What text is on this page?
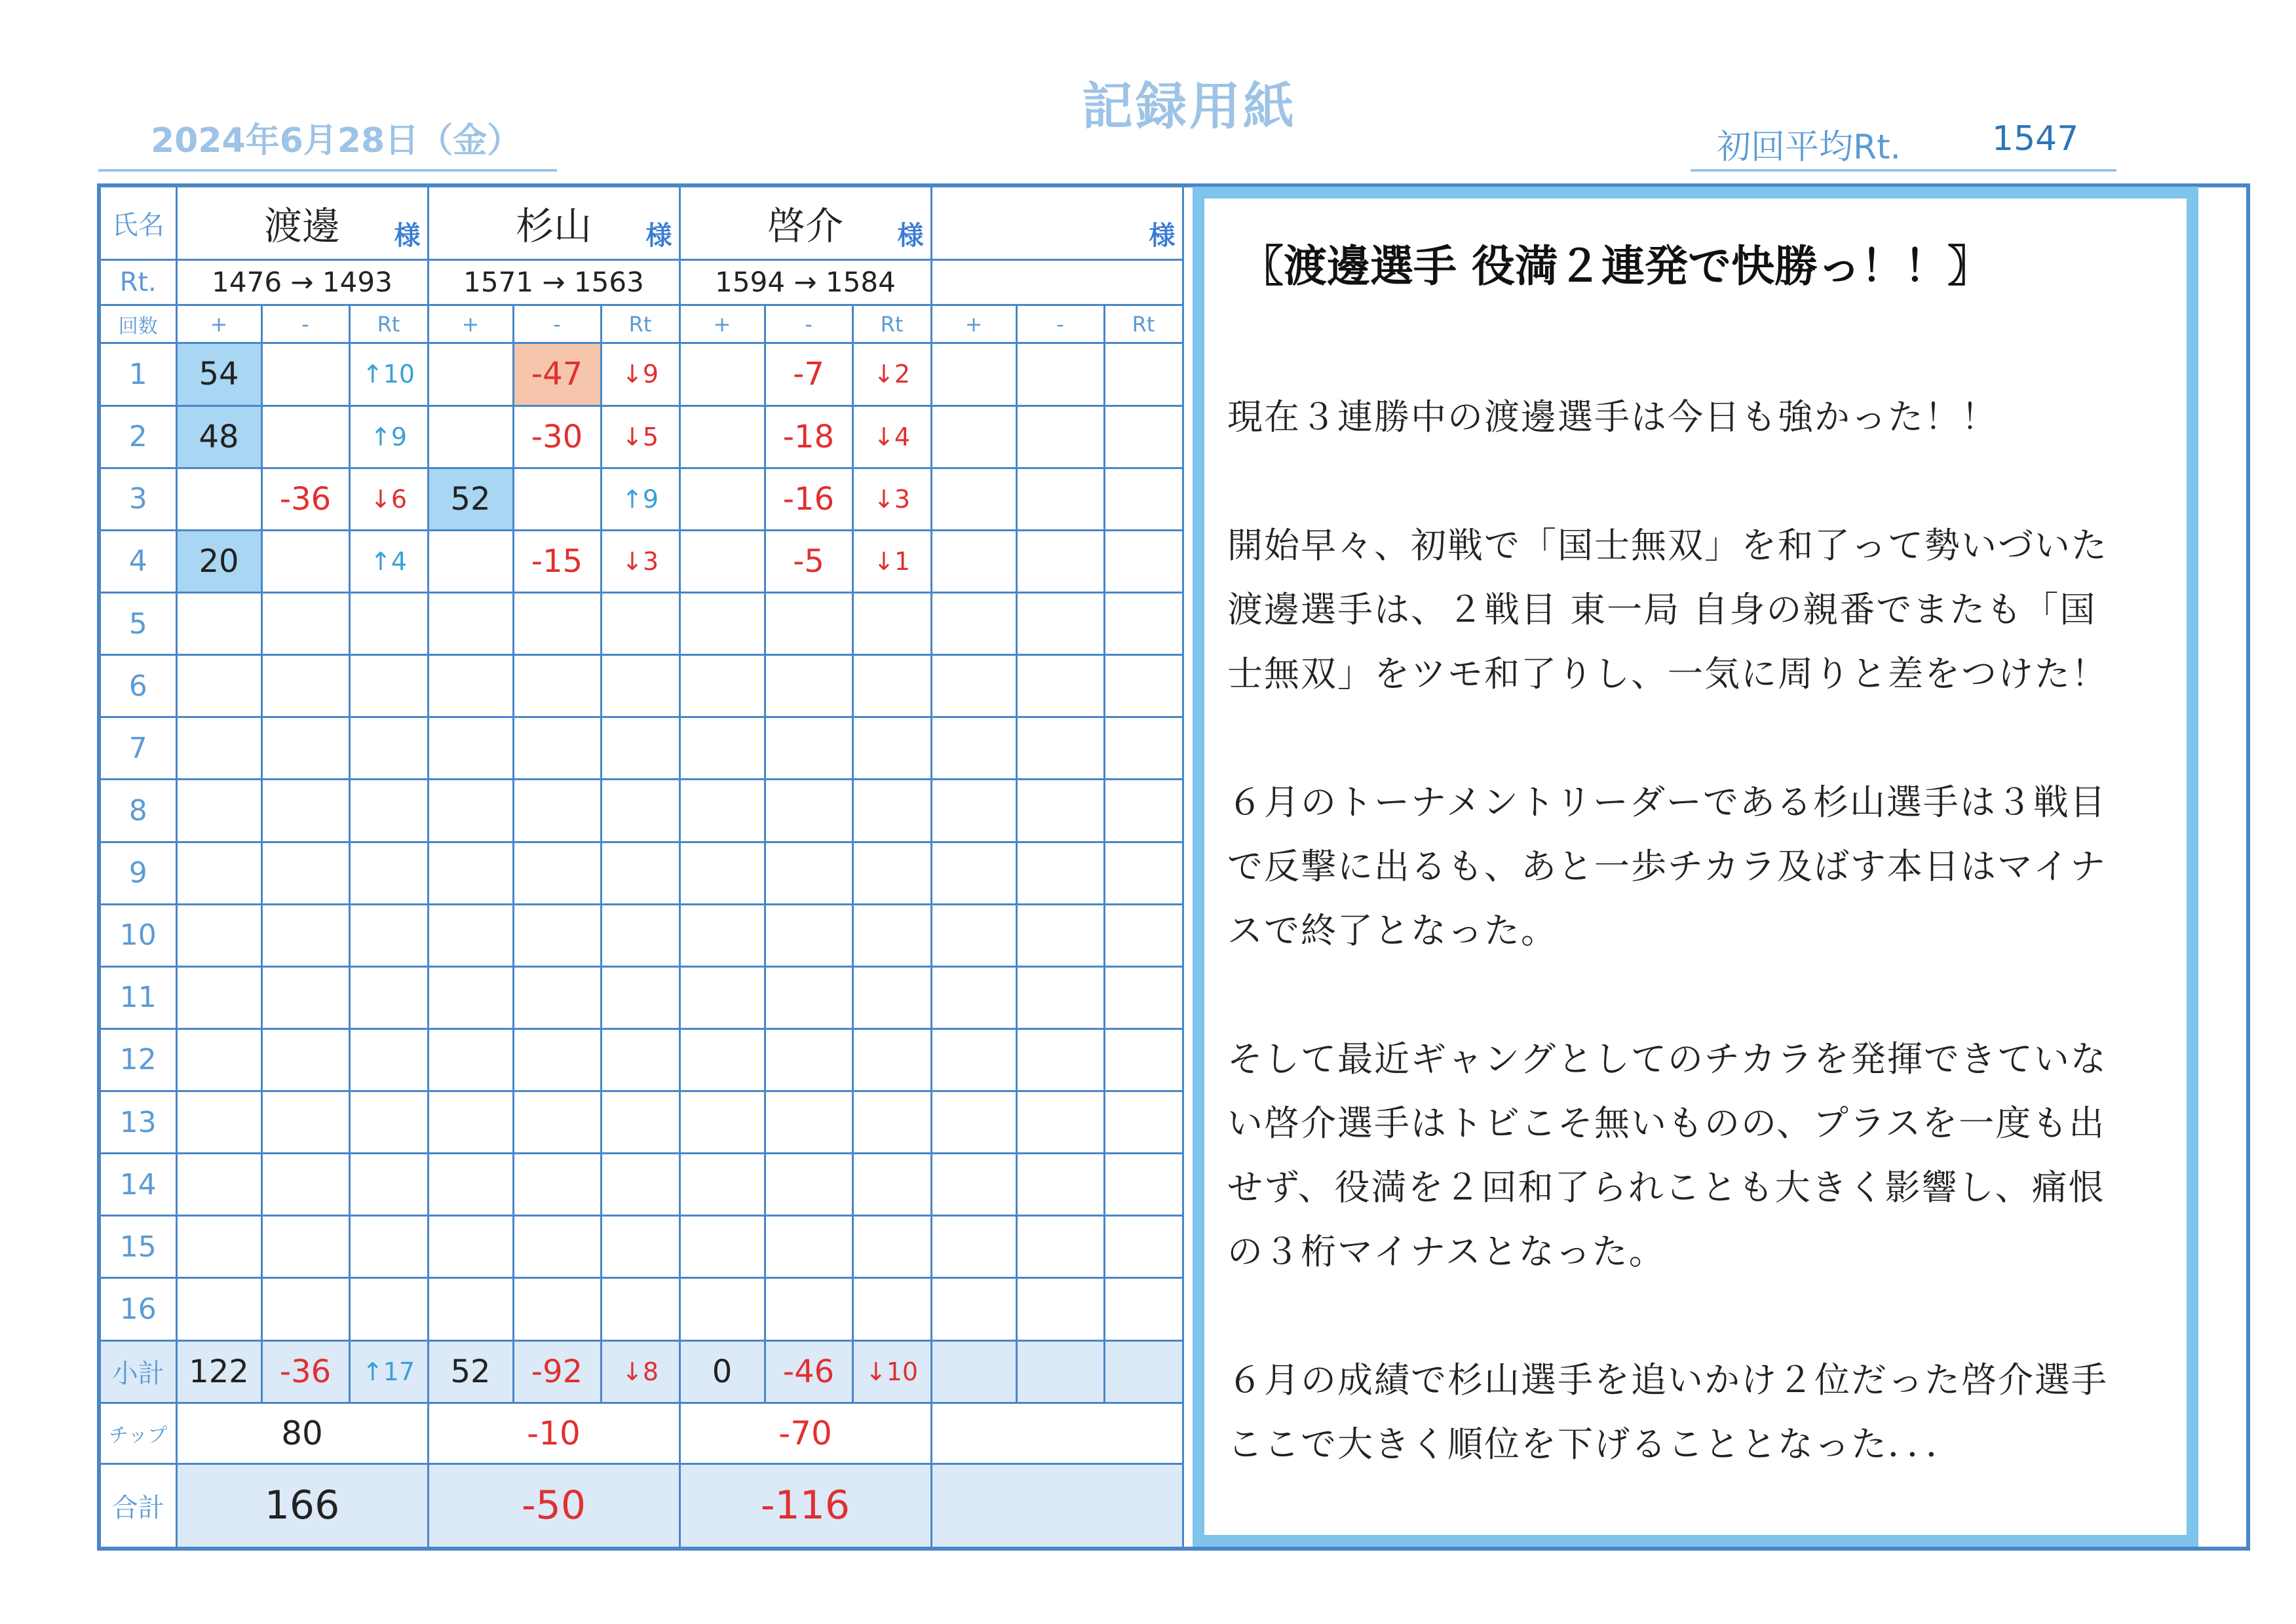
記録用紙
2024年6月28日（金）	初回平均Rt.	1547
氏名	渡邊 様			杉山 様			啓介 様			様			

Rt.	1476 → 1493			1571 → 1563			1594 → 1584						
回数	+	-	Rt	+	-	Rt	+	-	Rt	+	-	Rt	
1	54		↑10		-47	↓9		-7	↓2				
2	48		↑9		-30	↓5		-18	↓4				
3		-36	↓6	52		↑9		-16	↓3				
4	20		↑4		-15	↓3		-5	↓1				
5													
6													
7													
8													
9													
10													
11													
12													
13													
14													
15													
16													
小計	122	-36	↑17	52	-92	↓8	0	-46	↓10				
チップ	80			-10			-70						
合計	166			-50			-116						
〖渡邊選手 役満２連発で快勝っ！！〗

現在３連勝中の渡邊選手は今日も強かった！！

開始早々、初戦で「国士無双」を和了って勢いづいた
渡邊選手は、２戦目 東一局 自身の親番でまたも「国
士無双」をツモ和了りし、一気に周りと差をつけた！

６月のトーナメントリーダーである杉山選手は３戦目
で反撃に出るも、あと一歩チカラ及ばす本日はマイナ
スで終了となった。

そして最近ギャングとしてのチカラを発揮できていな
い啓介選手はトビこそ無いものの、プラスを一度も出
せず、役満を２回和了られことも大きく影響し、痛恨
の３桁マイナスとなった。

６月の成績で杉山選手を追いかけ２位だった啓介選手
ここで大きく順位を下げることとなった．．．
